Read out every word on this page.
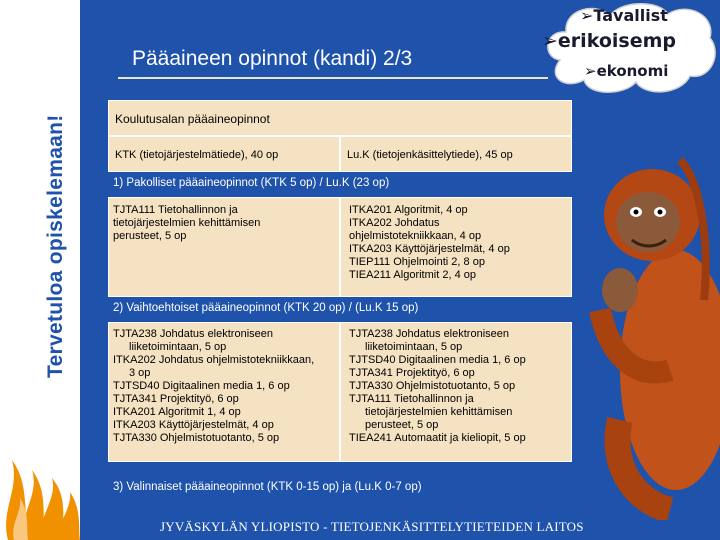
Tervetuloa opiskelemaan!
Pääaineen opinnot (kandi) 2/3
➢Tavallist
➢erikoisemp
➢ekonomi
Koulutusalan pääaineopinnot
KTK (tietojärjestelmätiede), 40 op	Lu.K (tietojenkäsittelytiede), 45 op
1) Pakolliset pääaineopinnot (KTK 5 op) / Lu.K (23 op)
TJTA111 Tietohallinnon ja
tietojärjestelmien kehittämisen
perusteet, 5 op
ITKA201 Algoritmit, 4 op
ITKA202 Johdatus
ohjelmistotekniikkaan, 4 op
ITKA203 Käyttöjärjestelmät, 4 op
TIEP111 Ohjelmointi 2, 8 op
TIEA211 Algoritmit 2, 4 op
2) Vaihtoehtoiset pääaineopinnot (KTK 20 op) / (Lu.K 15 op)
TJTA238 Johdatus elektroniseen
liiketoimintaan, 5 op
ITKA202 Johdatus ohjelmistotekniikkaan,
3 op
TJTSD40 Digitaalinen media 1, 6 op
TJTA341 Projektityö, 6 op
ITKA201 Algoritmit 1, 4 op
ITKA203 Käyttöjärjestelmät, 4 op
TJTA330 Ohjelmistotuotanto, 5 op
TJTA238 Johdatus elektroniseen
liiketoimintaan, 5 op
TJTSD40 Digitaalinen media 1, 6 op
TJTA341 Projektityö, 6 op
TJTA330 Ohjelmistotuotanto, 5 op
TJTA111 Tietohallinnon ja
tietojärjestelmien kehittämisen
perusteet, 5 op
TIEA241 Automaatit ja kieliopit, 5 op
3) Valinnaiset pääaineopinnot (KTK 0-15 op) ja (Lu.K 0-7 op)
JYVÄSKYLÄN YLIOPISTO - TIETOJENKÄSITTELYTIETEIDEN LAITOS
